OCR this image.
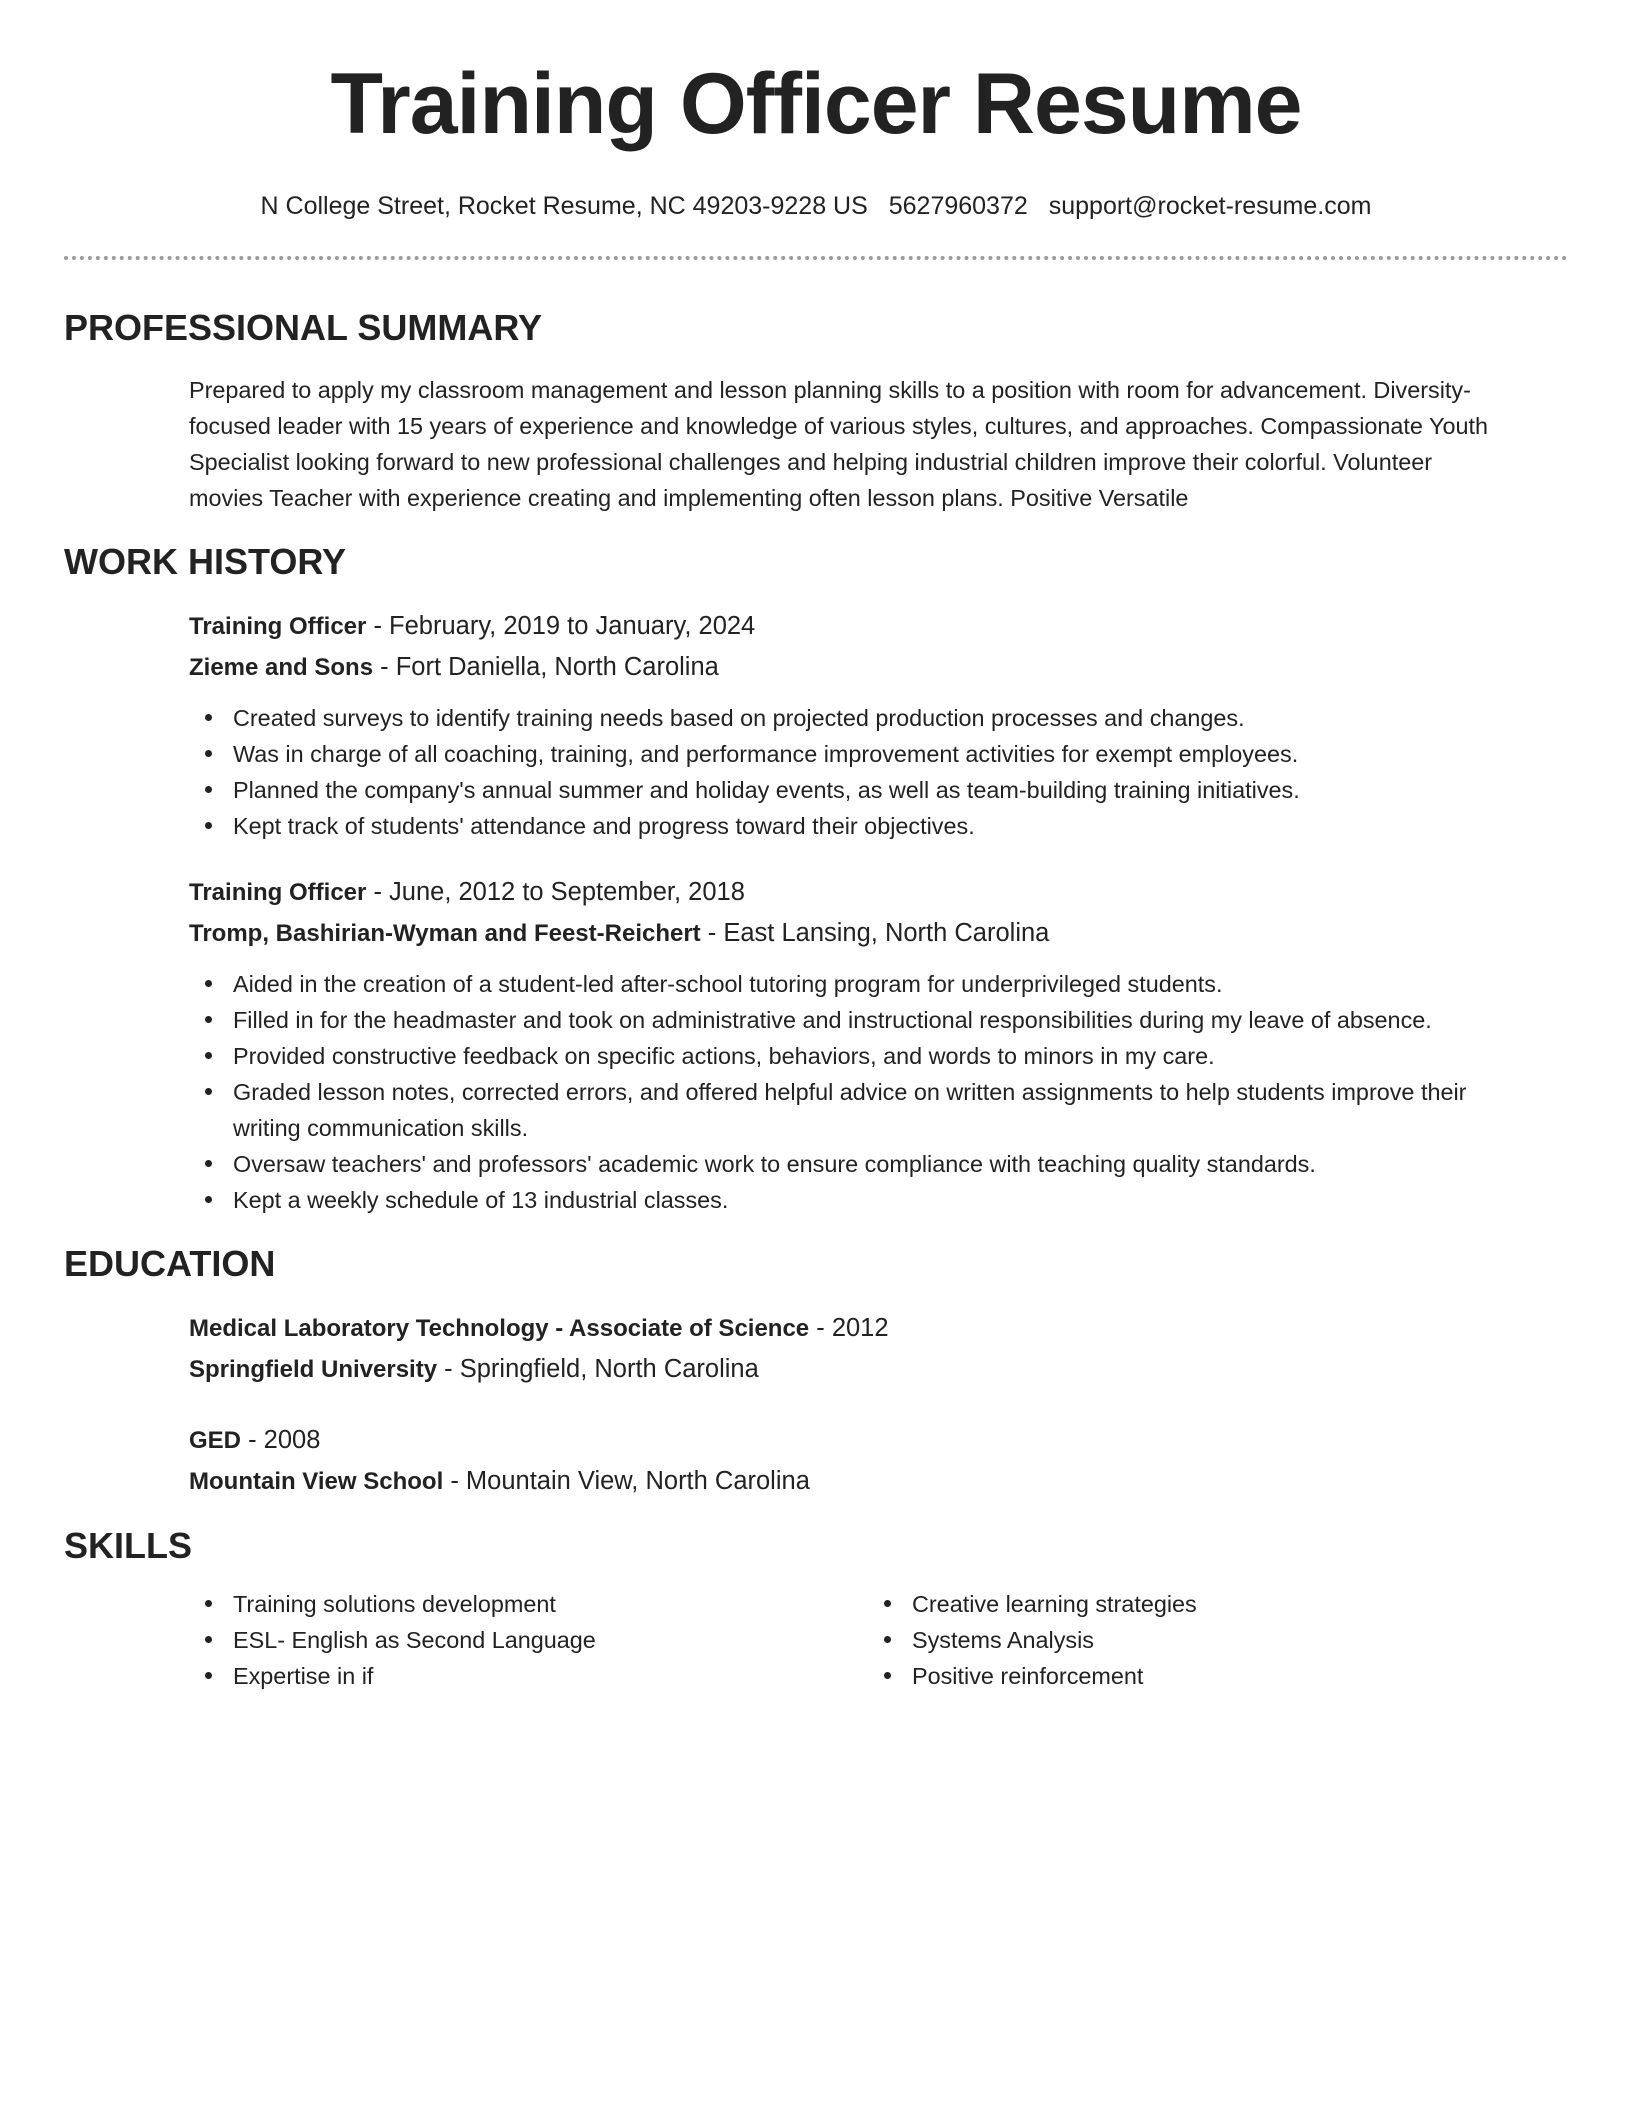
Training Officer Resume
N College Street, Rocket Resume, NC 49203-9228 US 5627960372 support@rocket-resume.com
PROFESSIONAL SUMMARY
Prepared to apply my classroom management and lesson planning skills to a position with room for advancement. Diversity-
focused leader with 15 years of experience and knowledge of various styles, cultures, and approaches. Compassionate Youth
Specialist looking forward to new professional challenges and helping industrial children improve their colorful. Volunteer
movies Teacher with experience creating and implementing often lesson plans. Positive Versatile
WORK HISTORY
Training Officer - February, 2019 to January, 2024
Zieme and Sons - Fort Daniella, North Carolina
Created surveys to identify training needs based on projected production processes and changes.
Was in charge of all coaching, training, and performance improvement activities for exempt employees.
Planned the company's annual summer and holiday events, as well as team-building training initiatives.
Kept track of students' attendance and progress toward their objectives.
Training Officer - June, 2012 to September, 2018
Tromp, Bashirian-Wyman and Feest-Reichert - East Lansing, North Carolina
Aided in the creation of a student-led after-school tutoring program for underprivileged students.
Filled in for the headmaster and took on administrative and instructional responsibilities during my leave of absence.
Provided constructive feedback on specific actions, behaviors, and words to minors in my care.
Graded lesson notes, corrected errors, and offered helpful advice on written assignments to help students improve their
writing communication skills.
Oversaw teachers' and professors' academic work to ensure compliance with teaching quality standards.
Kept a weekly schedule of 13 industrial classes.
EDUCATION
Medical Laboratory Technology - Associate of Science - 2012
Springfield University - Springfield, North Carolina
GED - 2008
Mountain View School - Mountain View, North Carolina
SKILLS
Training solutions development
ESL- English as Second Language
Expertise in if
Creative learning strategies
Systems Analysis
Positive reinforcement
